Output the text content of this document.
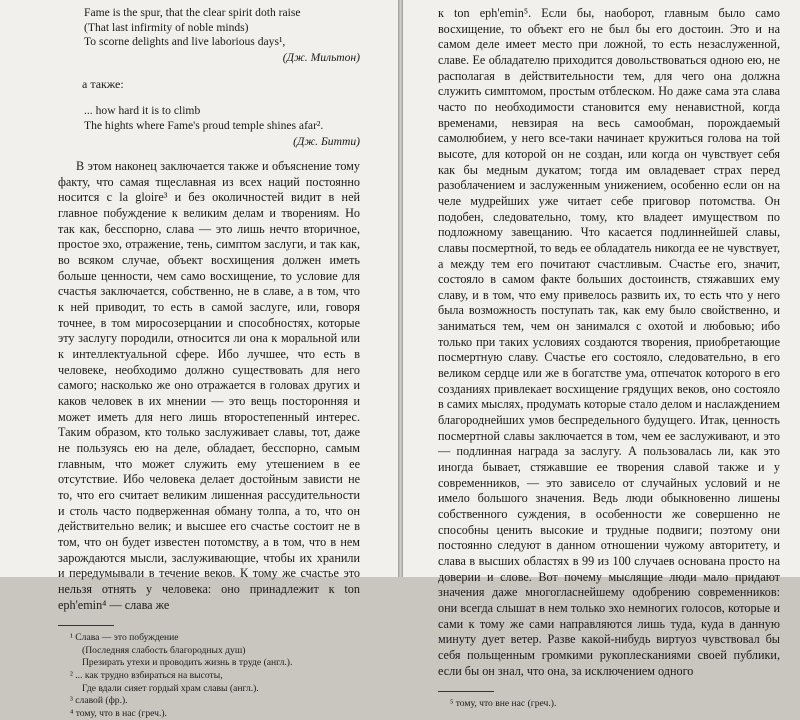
Fame is the spur, that the clear spirit doth raise
(That last infirmity of noble minds)
To scorne delights and live laborious days¹,
(Дж. Мильтон)
а также:
... how hard it is to climb
The hights where Fame's proud temple shines afar².
(Дж. Битти)

В этом наконец заключается также и объяснение тому факту, что самая тщеславная из всех наций постоянно носится с la gloire³ и без околичностей видит в ней главное побуждение к великим делам и творениям. Но так как, бесспорно, слава — это лишь нечто вторичное, простое эхо, отражение, тень, симптом заслуги, и так как, во всяком случае, объект восхищения должен иметь больше ценности, чем само восхищение, то условие для счастья заключается, собственно, не в славе, а в том, что к ней приводит, то есть в самой заслуге, или, говоря точнее, в том миросозерцании и способностях, которые эту заслугу породили, относится ли она к моральной или к интеллектуальной сфере. Ибо лучшее, что есть в человеке, необходимо должно существовать для него самого; насколько же оно отражается в головах других и каков человек в их мнении — это вещь посторонняя и может иметь для него лишь второстепенный интерес. Таким образом, кто только заслуживает славы, тот, даже не пользуясь ею на деле, обладает, бесспорно, самым главным, что может служить ему утешением в ее отсутствие. Ибо человека делает достойным зависти не то, что его считает великим лишенная рассудительности и столь часто подверженная обману толпа, а то, что он действительно велик; и высшее его счастье состоит не в том, что он будет известен потомству, а в том, что в нем зарождаются мысли, заслуживающие, чтобы их хранили и передумывали в течение веков. К тому же счастье это нельзя отнять у человека: оно принадлежит к ton eph'emin⁴ — слава же

¹ Слава — это побуждение
(Последняя слабость благородных душ)
Презирать утехи и проводить жизнь в труде (англ.).
² ... как трудно взбираться на высоты,
Где вдали сияет гордый храм славы (англ.).
³ славой (фр.).
⁴ тому, что в нас (греч.).

к ton eph'emin⁵. Если бы, наоборот, главным было само восхищение, то объект его не был бы его достоин. Это и на самом деле имеет место при ложной, то есть незаслуженной, славе. Ее обладателю приходится довольствоваться одною ею, не располагая в действительности тем, для чего она должна служить симптомом, простым отблеском. Но даже сама эта слава часто по необходимости становится ему ненавистной, когда временами, невзирая на весь самообман, порождаемый самолюбием, у него все-таки начинает кружиться голова на той высоте, для которой он не создан, или когда он чувствует себя как бы медным дукатом; тогда им овладевает страх перед разоблачением и заслуженным унижением, особенно если он на челе мудрейших уже читает себе приговор потомства. Он подобен, следовательно, тому, кто владеет имуществом по подложному завещанию. Что касается подлиннейшей славы, славы посмертной, то ведь ее обладатель никогда ее не чувствует, а между тем его почитают счастливым. Счастье его, значит, состояло в самом факте больших достоинств, стяжавших ему славу, и в том, что ему привелось развить их, то есть что у него была возможность поступать так, как ему было свойственно, и заниматься тем, чем он занимался с охотой и любовью; ибо только при таких условиях создаются творения, приобретающие посмертную славу. Счастье его состояло, следовательно, в его великом сердце или же в богатстве ума, отпечаток которого в его созданиях привлекает восхищение грядущих веков, оно состояло в самих мыслях, продумать которые стало делом и наслаждением благороднейших умов беспредельного будущего. Итак, ценность посмертной славы заключается в том, чем ее заслуживают, и это — подлинная награда за заслугу. А пользовалась ли, как это иногда бывает, стяжавшие ее творения славой также и у современников, — это зависело от случайных условий и не имело большого значения. Ведь люди обыкновенно лишены собственного суждения, в особенности же совершенно не способны ценить высокие и трудные подвиги; поэтому они постоянно следуют в данном отношении чужому авторитету, и слава в высших областях в 99 из 100 случаев основана просто на доверии и слове. Вот почему мыслящие люди мало придают значения даже многогласнейшему одобрению современников: они всегда слышат в нем только эхо немногих голосов, которые и сами к тому же сами направляются лишь туда, куда в данную минуту дует ветер. Разве какой-нибудь виртуоз чувствовал бы себя польщенным громкими рукоплесканиями своей публики, если бы он знал, что она, за исключением одного

⁵ тому, что вне нас (греч.).
